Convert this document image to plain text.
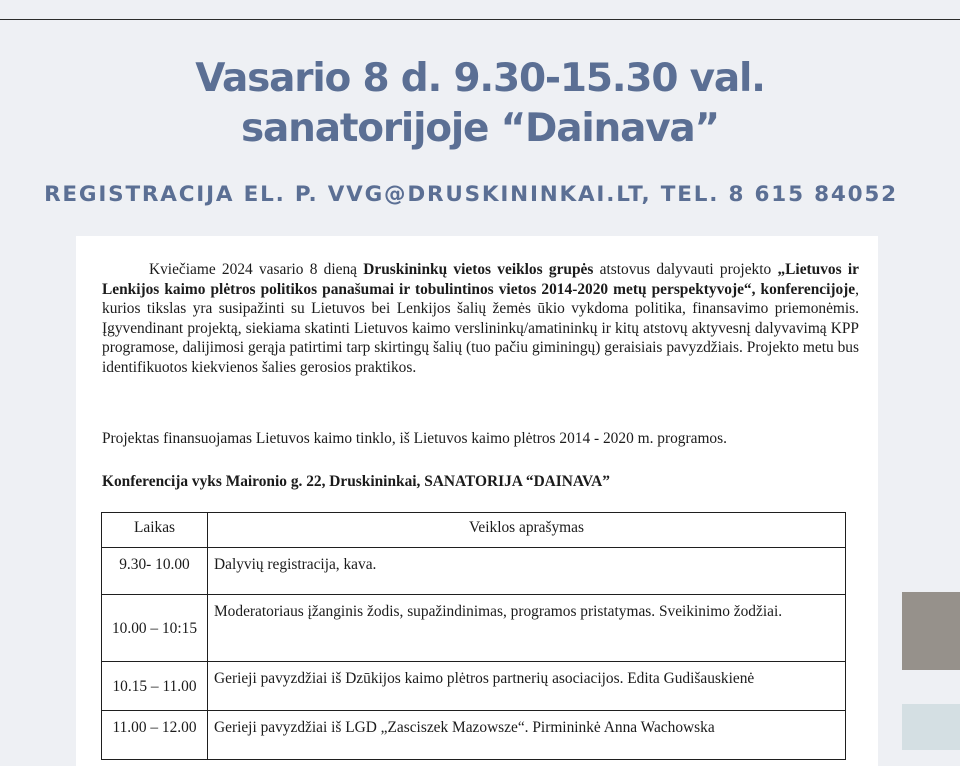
Vasario 8 d. 9.30-15.30 val.
sanatorijoje “Dainava”
REGISTRACIJA EL. P. VVG@DRUSKININKAI.LT, TEL. 8 615 84052

Kviečiame 2024 vasario 8 dieną Druskininkų vietos veiklos grupės atstovus dalyvauti projekto „Lietuvos ir Lenkijos kaimo plėtros politikos panašumai ir tobulintinos vietos 2014-2020 metų perspektyvoje“, konferencijoje, kurios tikslas yra susipažinti su Lietuvos bei Lenkijos šalių žemės ūkio vykdoma politika, finansavimo priemonėmis. Įgyvendinant projektą, siekiama skatinti Lietuvos kaimo verslininkų/amatininkų ir kitų atstovų aktyvesnį dalyvavimą KPP programose, dalijimosi gerąja patirtimi tarp skirtingų šalių (tuo pačiu giminingų) geraisiais pavyzdžiais. Projekto metu bus identifikuotos kiekvienos šalies gerosios praktikos.

Projektas finansuojamas Lietuvos kaimo tinklo, iš Lietuvos kaimo plėtros 2014 - 2020 m. programos.

Konferencija vyks Maironio g. 22, Druskininkai, SANATORIJA “DAINAVA”

Laikas	Veiklos aprašymas
9.30- 10.00	Dalyvių registracija, kava.
10.00 – 10:15	Moderatoriaus įžanginis žodis, supažindinimas, programos pristatymas. Sveikinimo žodžiai.
10.15 – 11.00	Gerieji pavyzdžiai iš Dzūkijos kaimo plėtros partnerių asociacijos. Edita Gudišauskienė
11.00 – 12.00	Gerieji pavyzdžiai iš LGD „Zasciszek Mazowsze“. Pirmininkė Anna Wachowska
